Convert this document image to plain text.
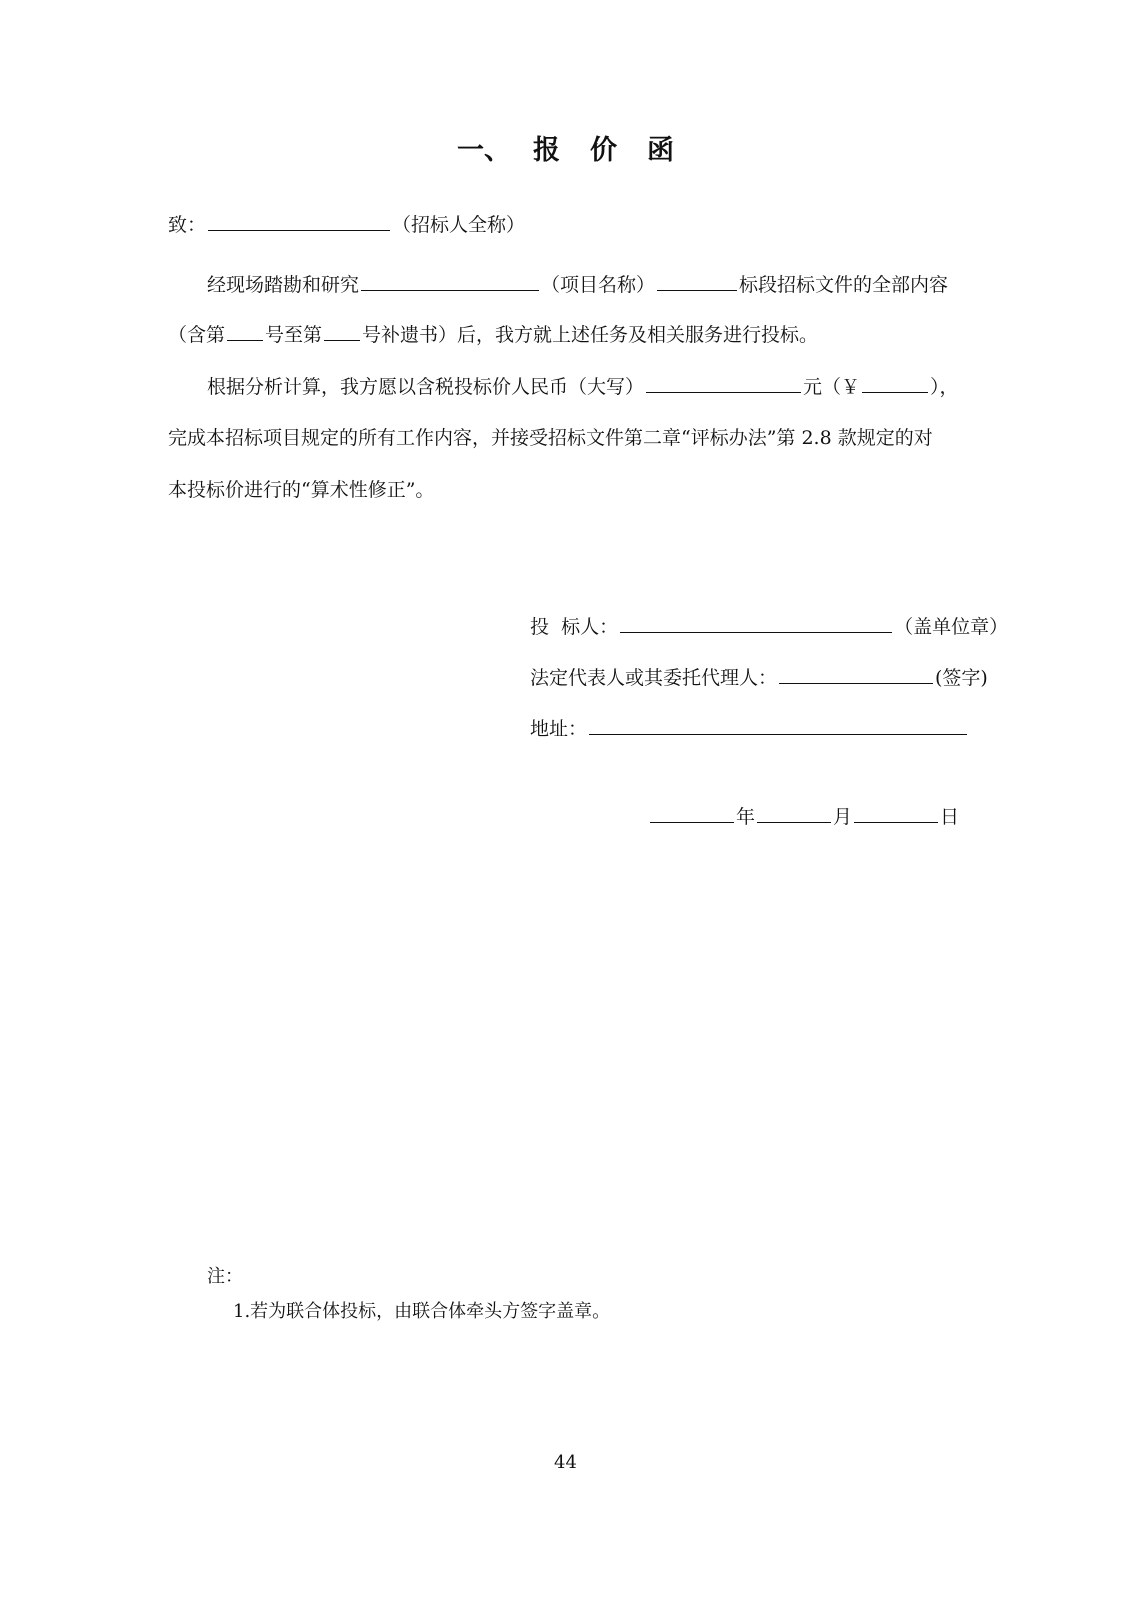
一、 报 价 函
致：	（招标人全称）
经现场踏勘和研究	（项目名称）	标段招标文件的全部内容
（含第 号至第 号补遗书）后，我方就上述任务及相关服务进行投标。
根据分析计算，我方愿以含税投标价人民币（大写）	元（￥	），
完成本招标项目规定的所有工作内容，并接受招标文件第二章“评标办法”第 2.8 款规定的对
本投标价进行的“算术性修正”。
投  标人：	（盖单位章）
法定代表人或其委托代理人：	(签字)
地址：
年	月	日
注：
1.若为联合体投标，由联合体牵头方签字盖章。
44
